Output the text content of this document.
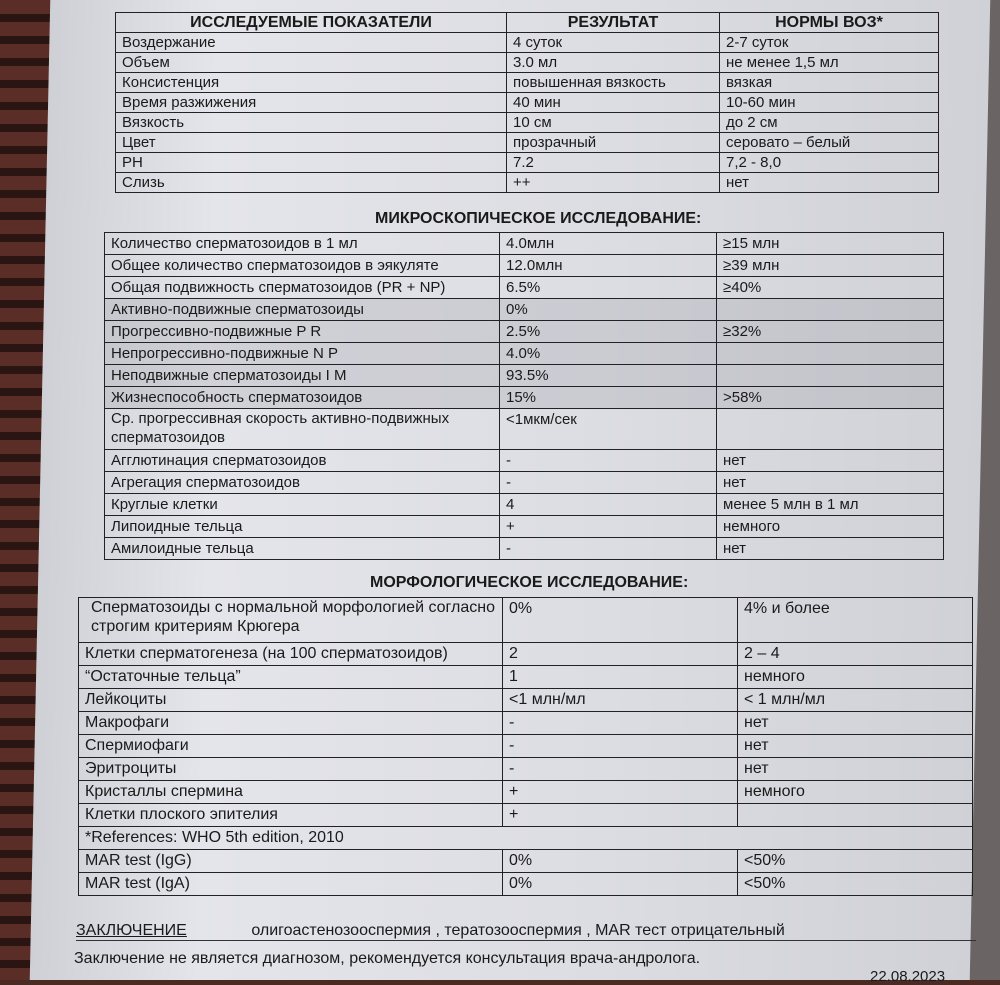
ИССЛЕДУЕМЫЕ ПОКАЗАТЕЛИ	РЕЗУЛЬТАТ	НОРМЫ ВОЗ*
Воздержание	4 суток	2-7 суток
Объем	3.0 мл	не менее 1,5 мл
Консистенция	повышенная вязкость	вязкая
Время разжижения	40 мин	10-60 мин
Вязкость	10 см	до 2 см
Цвет	прозрачный	серовато – белый
PH	7.2	7,2 - 8,0
Слизь	++	нет
МИКРОСКОПИЧЕСКОЕ ИССЛЕДОВАНИЕ:
Количество сперматозоидов в 1 мл	4.0млн	≥15 млн
Общее количество сперматозоидов в эякуляте	12.0млн	≥39 млн
Общая подвижность сперматозоидов (PR + NP)	6.5%	≥40%
Активно-подвижные сперматозоиды	0%	
Прогрессивно-подвижные P R	2.5%	≥32%
Непрогрессивно-подвижные N P	4.0%	
Неподвижные сперматозоиды I M	93.5%	
Жизнеспособность сперматозоидов	15%	>58%
Ср. прогрессивная скорость активно-подвижных сперматозоидов	<1мкм/сек	
Агглютинация сперматозоидов	-	нет
Агрегация сперматозоидов	-	нет
Круглые клетки	4	менее 5 млн в 1 мл
Липоидные тельца	+	немного
Амилоидные тельца	-	нет
МОРФОЛОГИЧЕСКОЕ ИССЛЕДОВАНИЕ:
Сперматозоиды с нормальной морфологией согласно строгим критериям Крюгера	0%	4% и более
Клетки сперматогенеза (на 100 сперматозоидов)	2	2 – 4
“Остаточные тельца”	1	немного
Лейкоциты	<1 млн/мл	< 1 млн/мл
Макрофаги	-	нет
Спермиофаги	-	нет
Эритроциты	-	нет
Кристаллы спермина	+	немного
Клетки плоского эпителия	+	
*References: WHO 5th edition, 2010		
MAR test (IgG)	0%	<50%
MAR test (IgA)	0%	<50%
ЗАКЛЮЧЕНИЕ	олигоастенозооспермия , тератозооспермия , MAR тест отрицательный
Заключение не является диагнозом, рекомендуется консультация врача-андролога.
22.08.2023
